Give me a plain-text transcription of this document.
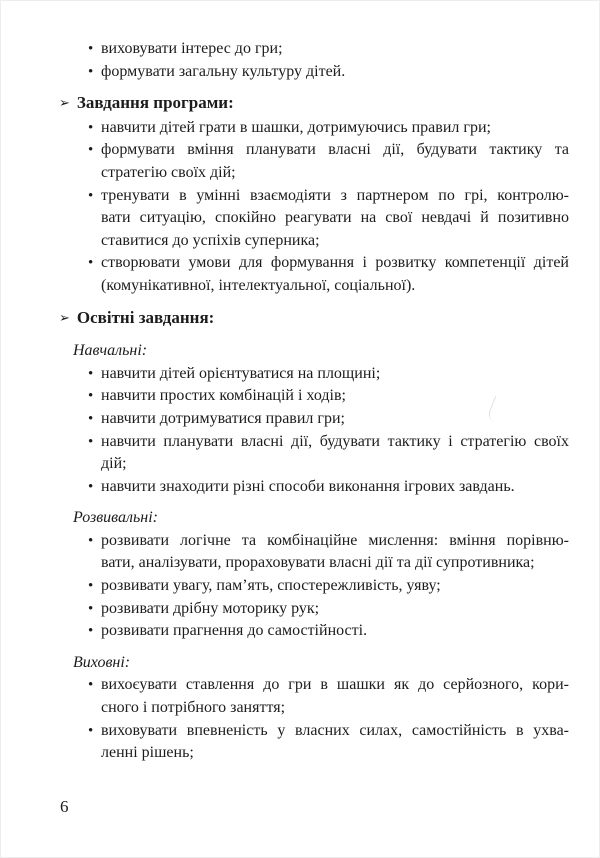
• виховувати інтерес до гри;
• формувати загальну культуру дітей.
➢ Завдання програми:
• навчити дітей грати в шашки, дотримуючись правил гри;
• формувати вміння планувати власні дії, будувати тактику та
стратегію своїх дій;
• тренувати в умінні взаємодіяти з партнером по грі, контролю-
вати ситуацію, спокійно реагувати на свої невдачі й позитивно
ставитися до успіхів суперника;
• створювати умови для формування і розвитку компетенції дітей
(комунікативної, інтелектуальної, соціальної).
➢ Освітні завдання:
Навчальні:
• навчити дітей орієнтуватися на площині;
• навчити простих комбінацій і ходів;
• навчити дотримуватися правил гри;
• навчити планувати власні дії, будувати тактику і стратегію своїх
дій;
• навчити знаходити різні способи виконання ігрових завдань.
Розвивальні:
• розвивати логічне та комбінаційне мислення: вміння порівню-
вати, аналізувати, прораховувати власні дії та дії супротивника;
• розвивати увагу, пам’ять, спостережливість, уяву;
• розвивати дрібну моторику рук;
• розвивати прагнення до самостійності.
Виховні:
• вихоєувати ставлення до гри в шашки як до серйозного, кори-
сного і потрібного заняття;
• виховувати впевненість у власних силах, самостійність в ухва-
ленні рішень;
6
